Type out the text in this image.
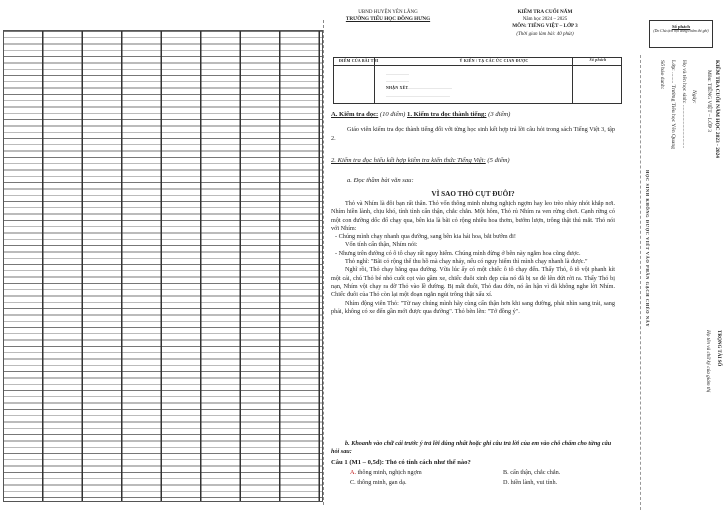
UBND HUYỆN YÊN LÃNG
TRƯỜNG TIỂU HỌC ĐỒNG HƯNG
KIỂM TRA CUỐI NĂM
Năm học 2024 – 2025
MÔN: TIẾNG VIỆT – LỚP 3
(Thời gian làm bài: 40 phút)
ĐIỂM CỦA BÀI THI	Ý KIẾN / TẠ CÁC ỨC CIAN ĐƯỢC	Số phách
NHẬN XÉT
.......................
.......................
................................................
................................................................
A. Kiểm tra đọc: (10 điểm) 1. Kiểm tra đọc thành tiếng: (3 điểm)

Giáo viên kiểm tra đọc thành tiếng đối với từng học sinh kết hợp trả lời câu hỏi trong sách Tiếng Việt 3, tập 2.

2. Kiểm tra đọc hiểu kết hợp kiểm tra kiến thức Tiếng Việt: (5 điểm)
a. Đọc thầm bài văn sau:
VÌ SAO THỎ CỤT ĐUÔI?

Thỏ và Nhím là đôi bạn rất thân. Thỏ vốn thông minh nhưng nghịch ngợm hay leo trèo nhảy nhót khắp nơi. Nhím hiền lành, chịu khó, tính tình cẩn thận, chắc chắn. Một hôm, Thỏ rủ Nhím ra ven rừng chơi. Cạnh rừng có một con đường dốc đổ chạy qua, bên kia là bãi cỏ rộng nhiều hoa thơm, bướm lượn, trông thật thú mắt. Thỏ nói với Nhím:

- Chúng mình chạy nhanh qua đường, sang bên kia hái hoa, bắt bướm đi!

Vốn tính cẩn thận, Nhím nói:

- Nhưng trên đường có ô tô chạy rất nguy hiểm. Chúng mình đừng ở bên này ngắm hoa cũng được.

Thỏ nghĩ: "Bãi cỏ rộng thế thu hồ mà chạy nhảy, nếu có nguy hiểm thì mình chạy nhanh là được."

Nghĩ rồi, Thỏ chạy băng qua đường. Vừa lúc ấy có một chiếc ô tô chạy đến. Thấy Thỏ, ô tô vội phanh kít một cái, chú Thỏ bé nhỏ cuốt cọt vào gầm xe, chiếc đuôi xinh đẹp của nó đã bị xe đè lên đứt rời ra. Thấy Thỏ bị nạn, Nhím vội chạy ra đỡ Thỏ vào lề đường. Bị mất đuôi, Thỏ đau đớn, nó ân hận vì đã không nghe lời Nhím. Chiếc đuôi của Thỏ còn lại một đoạn ngắn ngủi trông thật xấu xí.

Nhím động viên Thỏ: "Từ nay chúng mình hãy cùng cẩn thận hơn khi sang đường, phải nhìn sang trái, sang phải, không có xe đến gần mới được qua đường". Thỏ bẽn lẽn: "Tớ đồng ý".

b. Khoanh vào chữ cái trước ý trả lời đúng nhất hoặc ghi câu trả lời của em vào chỗ chấm cho từng câu hỏi sau:
Câu 1 (M1 – 0,5đ): Thỏ có tính cách như thế nào?
A. thông minh, nghịch ngợm	B. cẩn thận, chắc chắn.
C. thông minh, gan dạ.	D. hiền lành, vui tính.
Số phách
(Do Chủ tịch hội đồng chấm thi ghi)
KIỂM TRA CUỐI NĂM HỌC 2023 - 2024
Môn: TIẾNG VIỆT – LỚP 3
Ngày:
Họ và tên học sinh: ...............................
Lớp: ........ Trường Tiểu học Yên Quang
Số báo danh:
HỌC SINH KHÔNG ĐƯỢC VIẾT VÀO PHẦN GẠCH CHÉO NÀY
TRỌNG TÀI SỐ
Họ tên và chữ ký của giám thị
